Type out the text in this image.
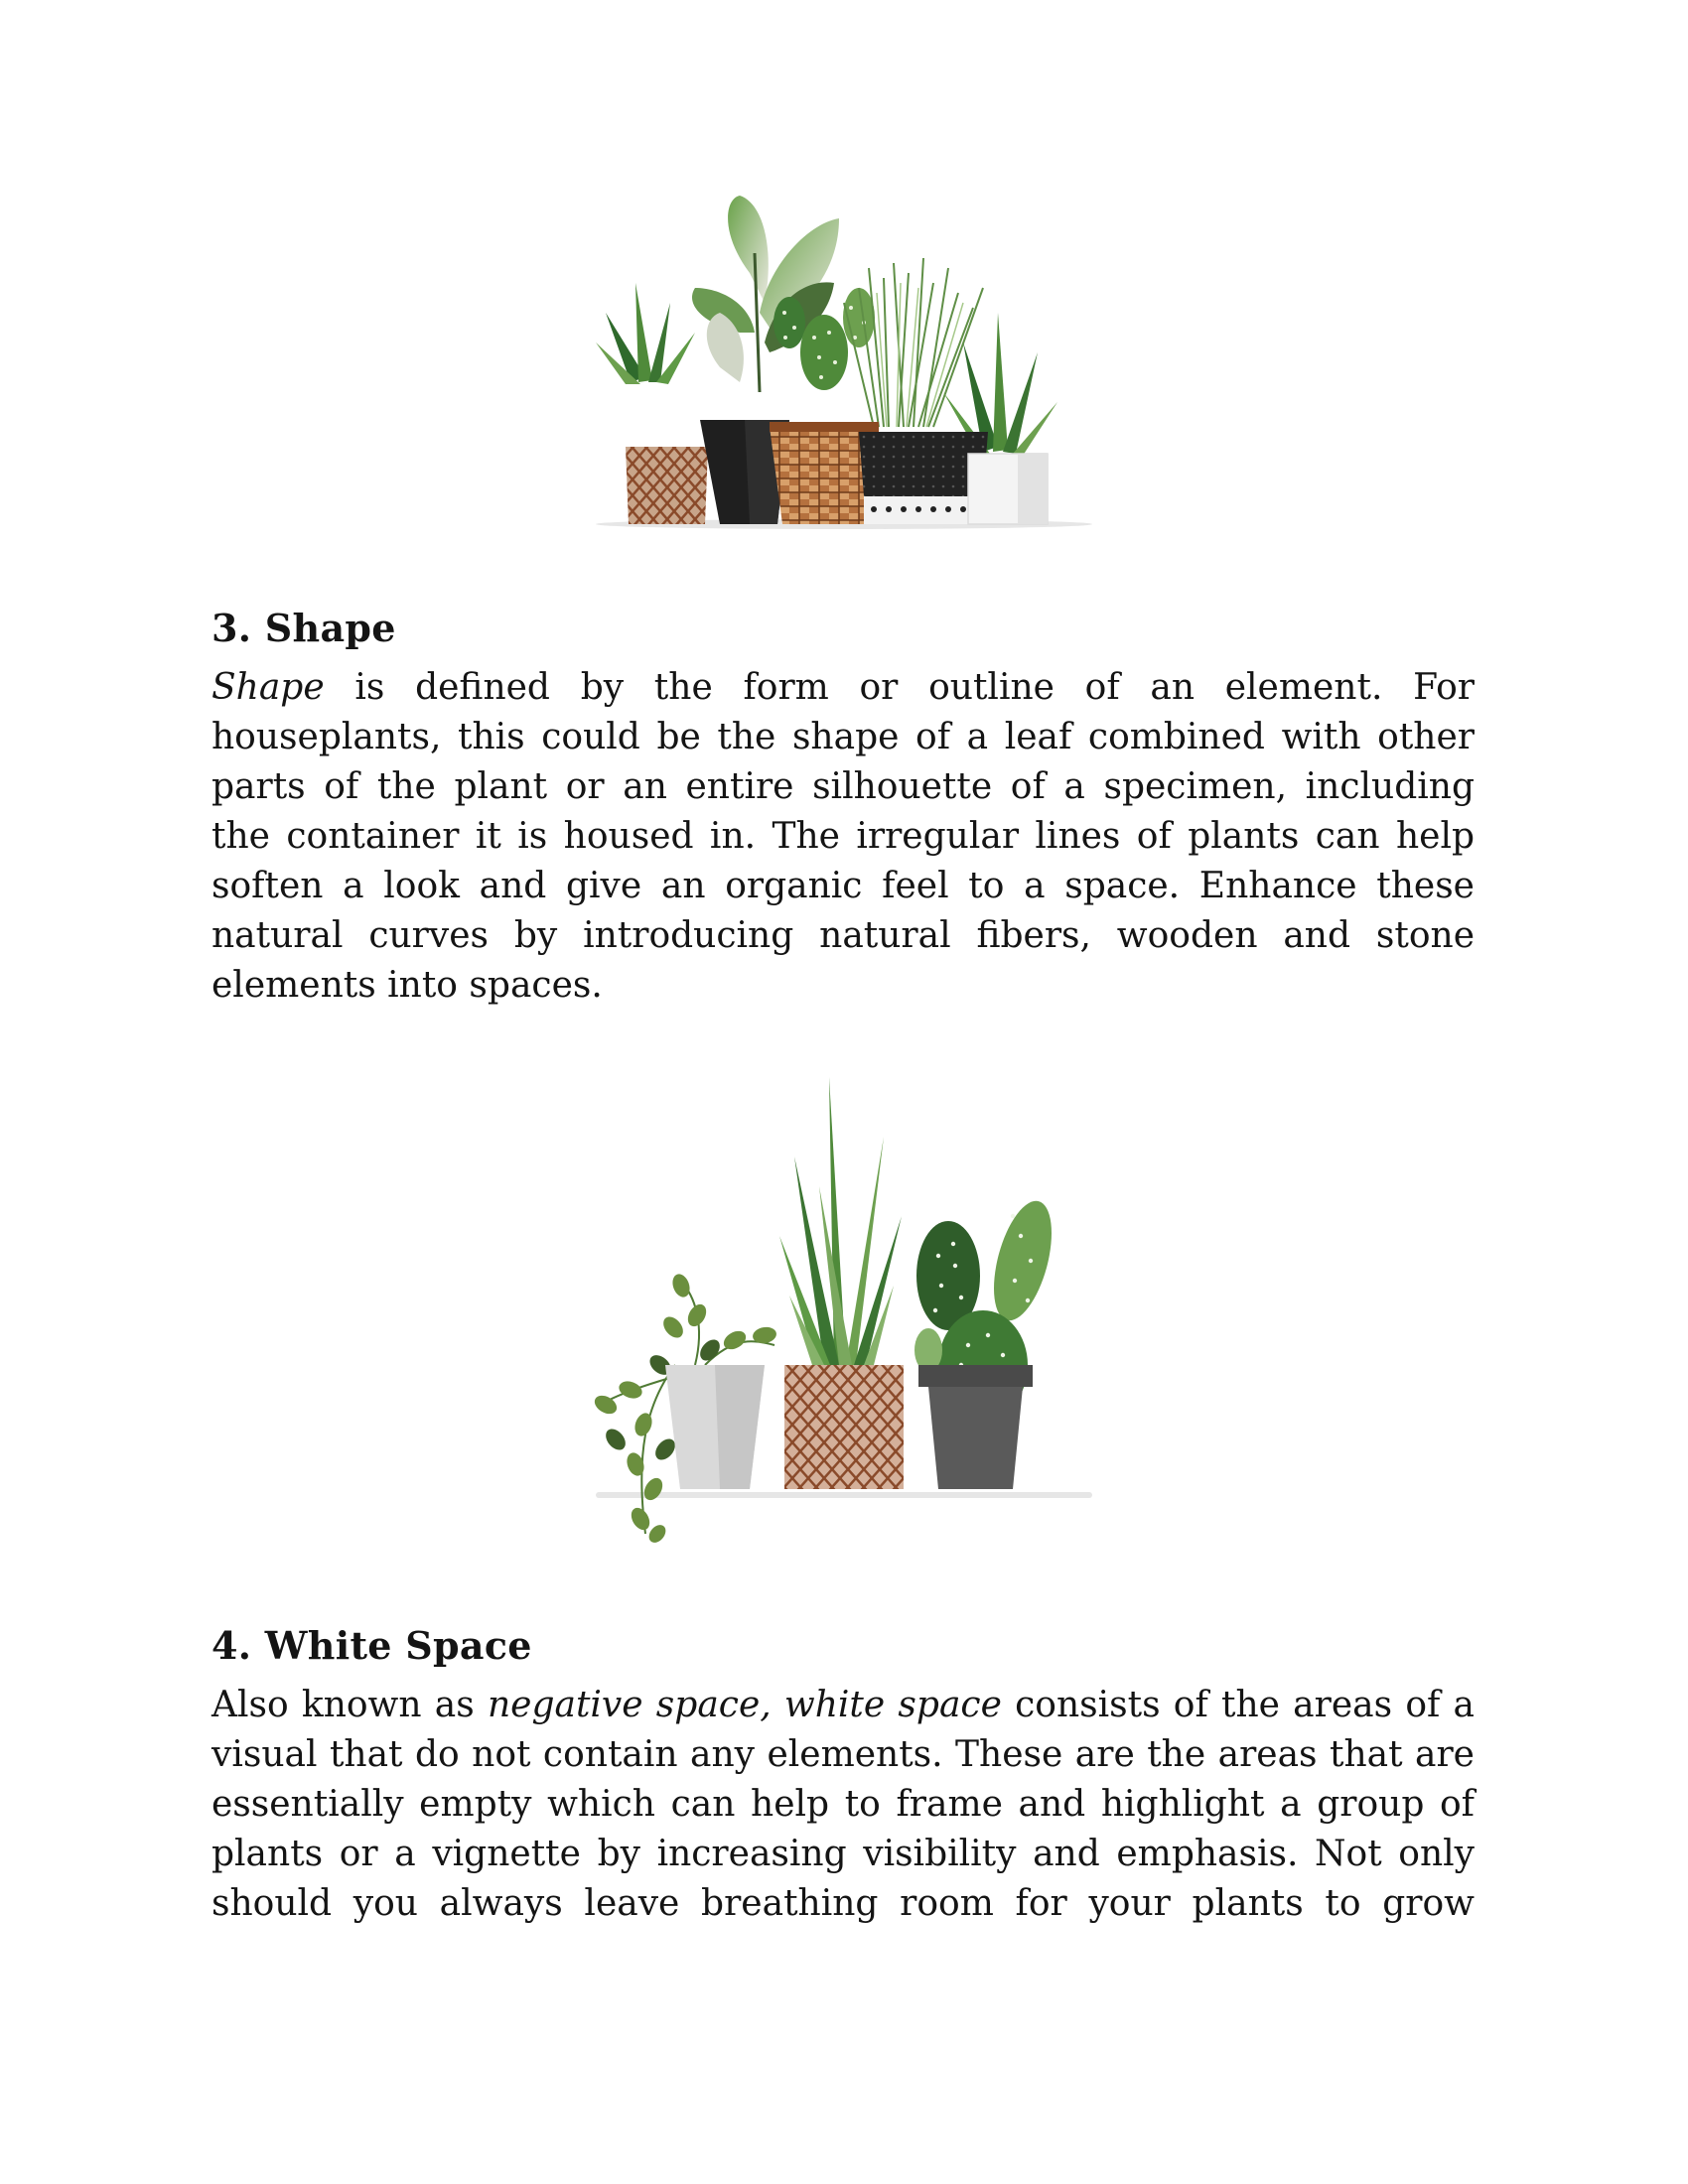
3. Shape

Shape is defined by the form or outline of an element. For
houseplants, this could be the shape of a leaf combined with other
parts of the plant or an entire silhouette of a specimen, including
the container it is housed in. The irregular lines of plants can help
soften a look and give an organic feel to a space. Enhance these
natural curves by introducing natural fibers, wooden and stone
elements into spaces.

4. White Space

Also known as negative space, white space consists of the areas of a
visual that do not contain any elements. These are the areas that are
essentially empty which can help to frame and highlight a group of
plants or a vignette by increasing visibility and emphasis. Not only
should you always leave breathing room for your plants to grow
